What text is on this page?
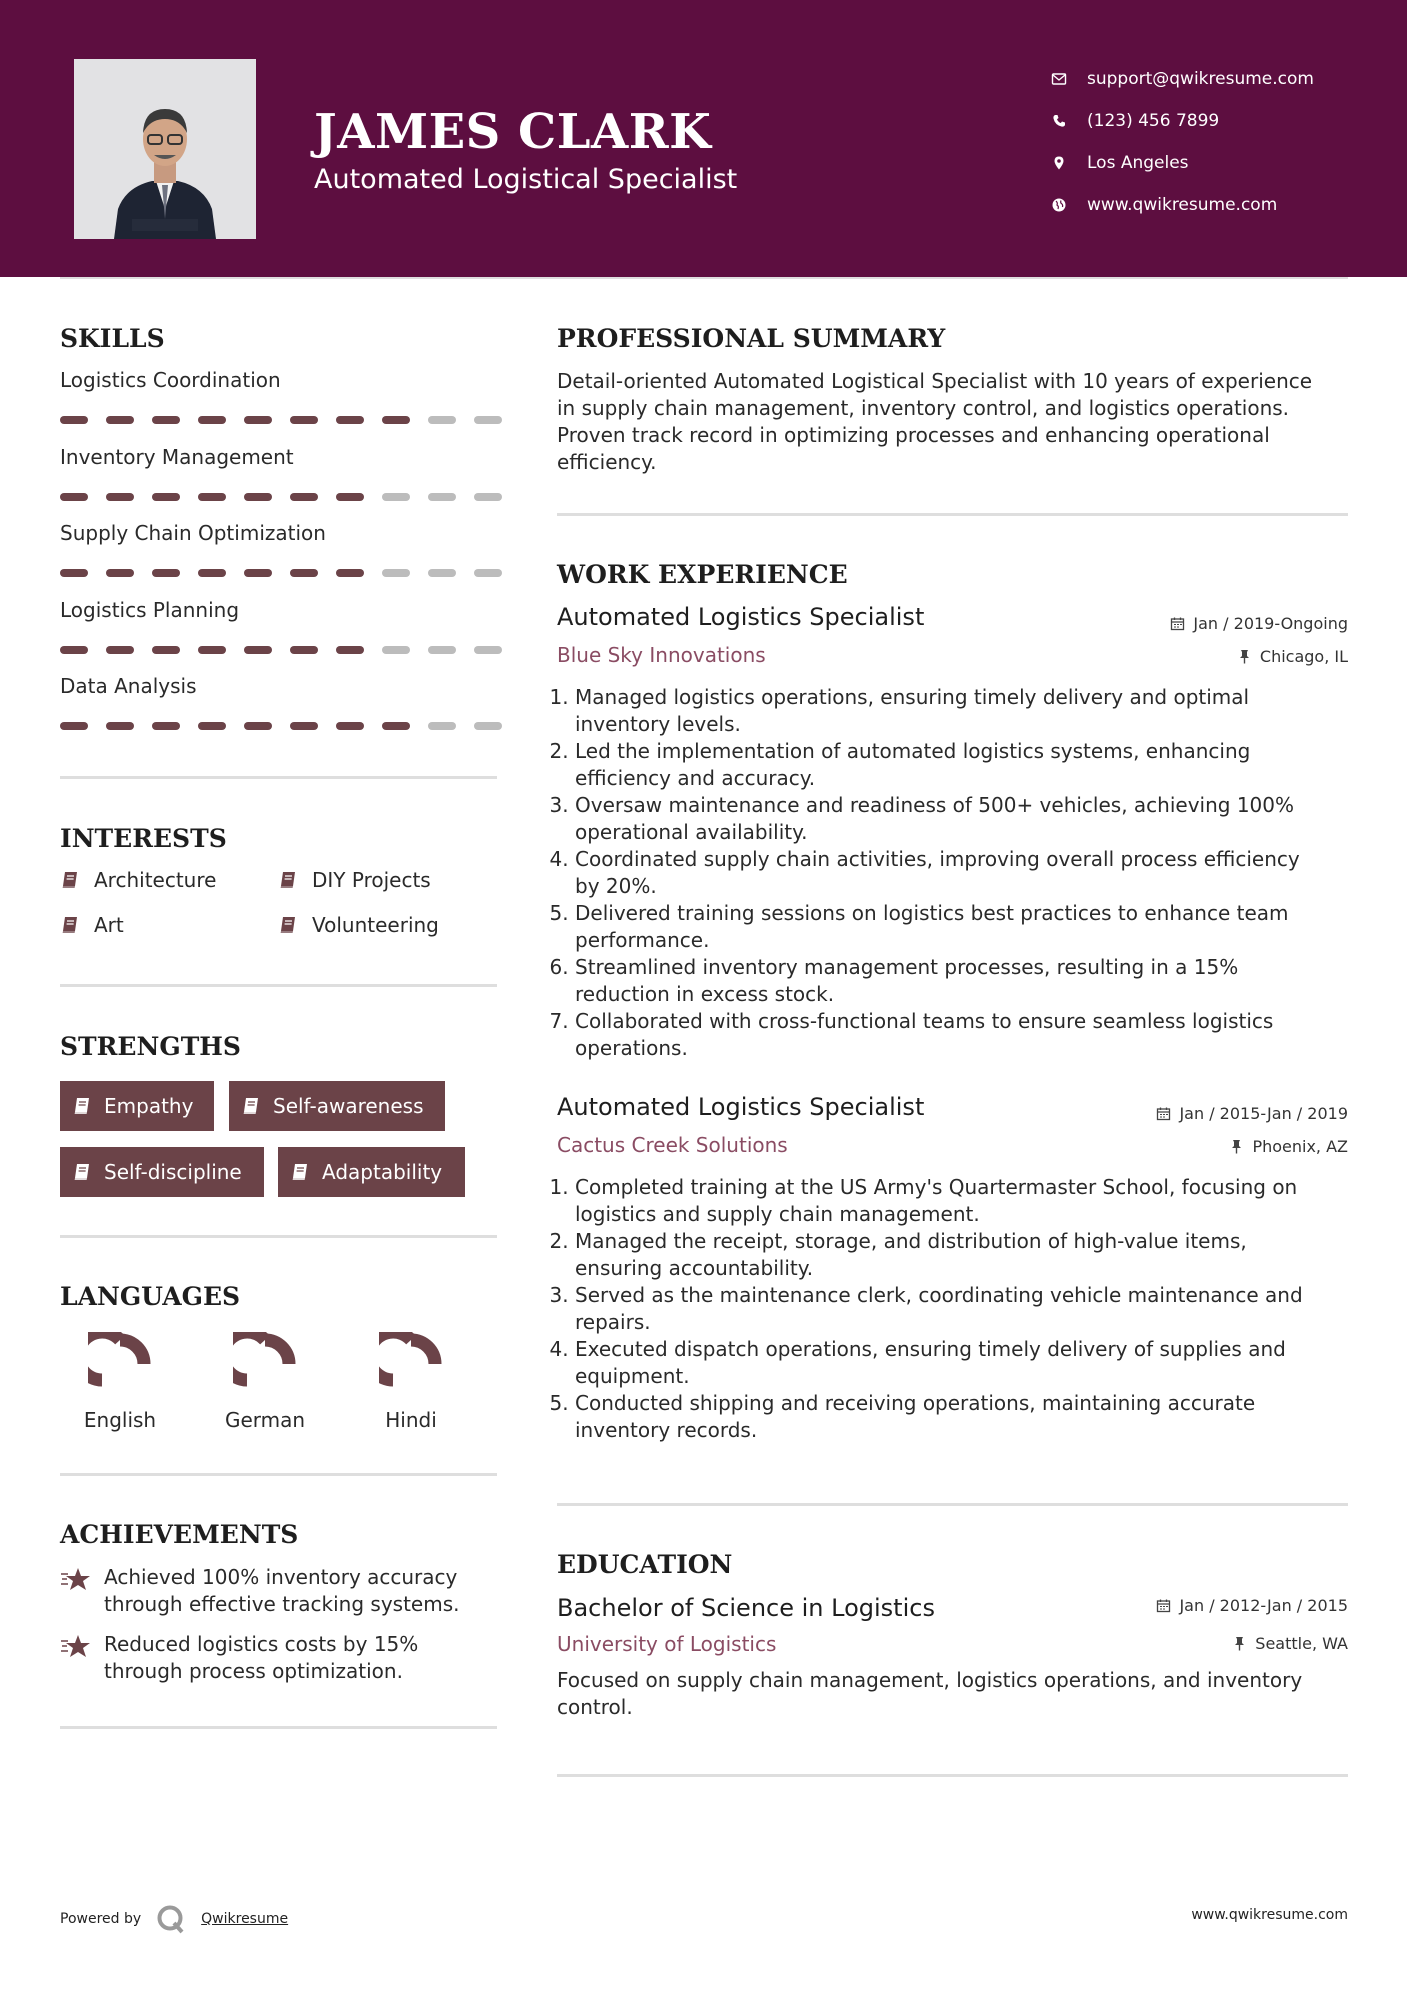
JAMES CLARK
Automated Logistical Specialist
support@qwikresume.com
(123) 456 7899
Los Angeles
www.qwikresume.com
SKILLS
Logistics Coordination
Inventory Management
Supply Chain Optimization
Logistics Planning
Data Analysis
INTERESTS
Architecture	DIY Projects
Art	Volunteering
STRENGTHS
Empathy	Self-awareness
Self-discipline	Adaptability
LANGUAGES
English	German	Hindi
ACHIEVEMENTS
Achieved 100% inventory accuracy
through effective tracking systems.
Reduced logistics costs by 15%
through process optimization.
PROFESSIONAL SUMMARY
Detail-oriented Automated Logistical Specialist with 10 years of experience
in supply chain management, inventory control, and logistics operations.
Proven track record in optimizing processes and enhancing operational
efficiency.
WORK EXPERIENCE
Automated Logistics Specialist	Jan / 2019-Ongoing
Blue Sky Innovations	Chicago, IL
1. Managed logistics operations, ensuring timely delivery and optimal
inventory levels.
2. Led the implementation of automated logistics systems, enhancing
efficiency and accuracy.
3. Oversaw maintenance and readiness of 500+ vehicles, achieving 100%
operational availability.
4. Coordinated supply chain activities, improving overall process efficiency
by 20%.
5. Delivered training sessions on logistics best practices to enhance team
performance.
6. Streamlined inventory management processes, resulting in a 15%
reduction in excess stock.
7. Collaborated with cross-functional teams to ensure seamless logistics
operations.
Automated Logistics Specialist	Jan / 2015-Jan / 2019
Cactus Creek Solutions	Phoenix, AZ
1. Completed training at the US Army's Quartermaster School, focusing on
logistics and supply chain management.
2. Managed the receipt, storage, and distribution of high-value items,
ensuring accountability.
3. Served as the maintenance clerk, coordinating vehicle maintenance and
repairs.
4. Executed dispatch operations, ensuring timely delivery of supplies and
equipment.
5. Conducted shipping and receiving operations, maintaining accurate
inventory records.
EDUCATION
Bachelor of Science in Logistics	Jan / 2012-Jan / 2015
University of Logistics	Seattle, WA
Focused on supply chain management, logistics operations, and inventory
control.
Powered by	Qwikresume	www.qwikresume.com
